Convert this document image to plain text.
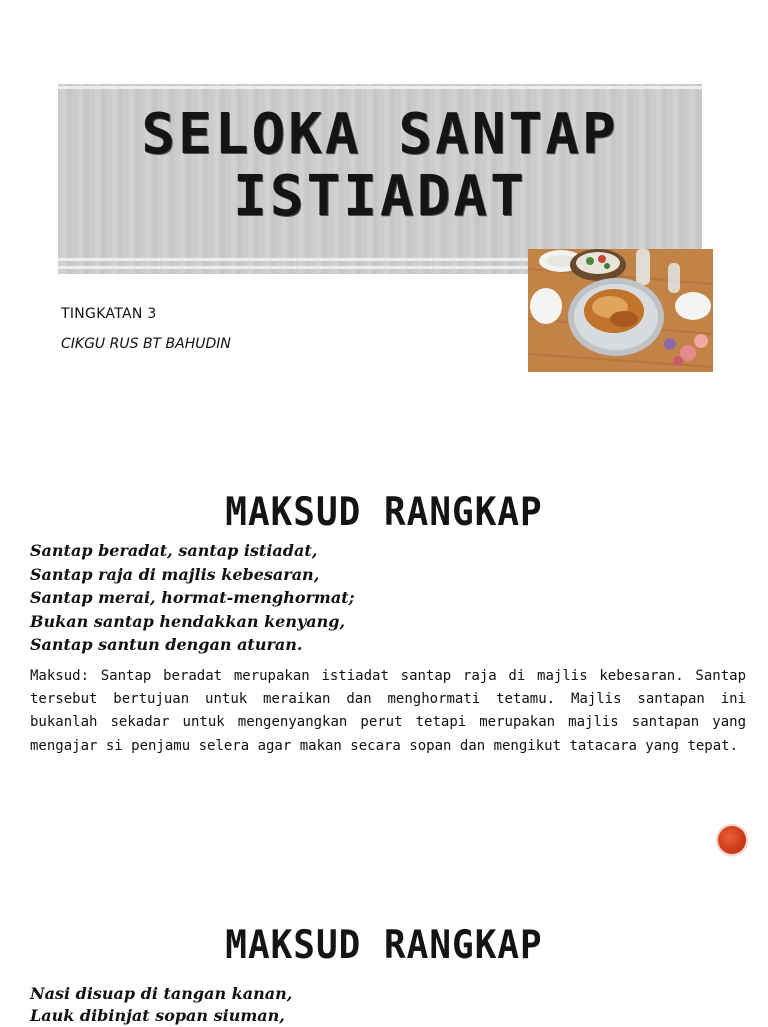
SELOKA SANTAP
ISTIADAT
TINGKATAN 3
CIKGU RUS BT BAHUDIN
MAKSUD RANGKAP
Santap beradat, santap istiadat,
Santap raja di majlis kebesaran,
Santap merai, hormat-menghormat;
Bukan santap hendakkan kenyang,
Santap santun dengan aturan.
Maksud: Santap beradat merupakan istiadat santap raja di majlis kebesaran. Santap tersebut bertujuan untuk meraikan dan menghormati tetamu. Majlis santapan ini bukanlah sekadar untuk mengenyangkan perut tetapi merupakan majlis santapan yang mengajar si penjamu selera agar makan secara sopan dan mengikut tatacara yang tepat.
MAKSUD RANGKAP
Nasi disuap di tangan kanan,
Lauk dibinjat sopan siuman,
